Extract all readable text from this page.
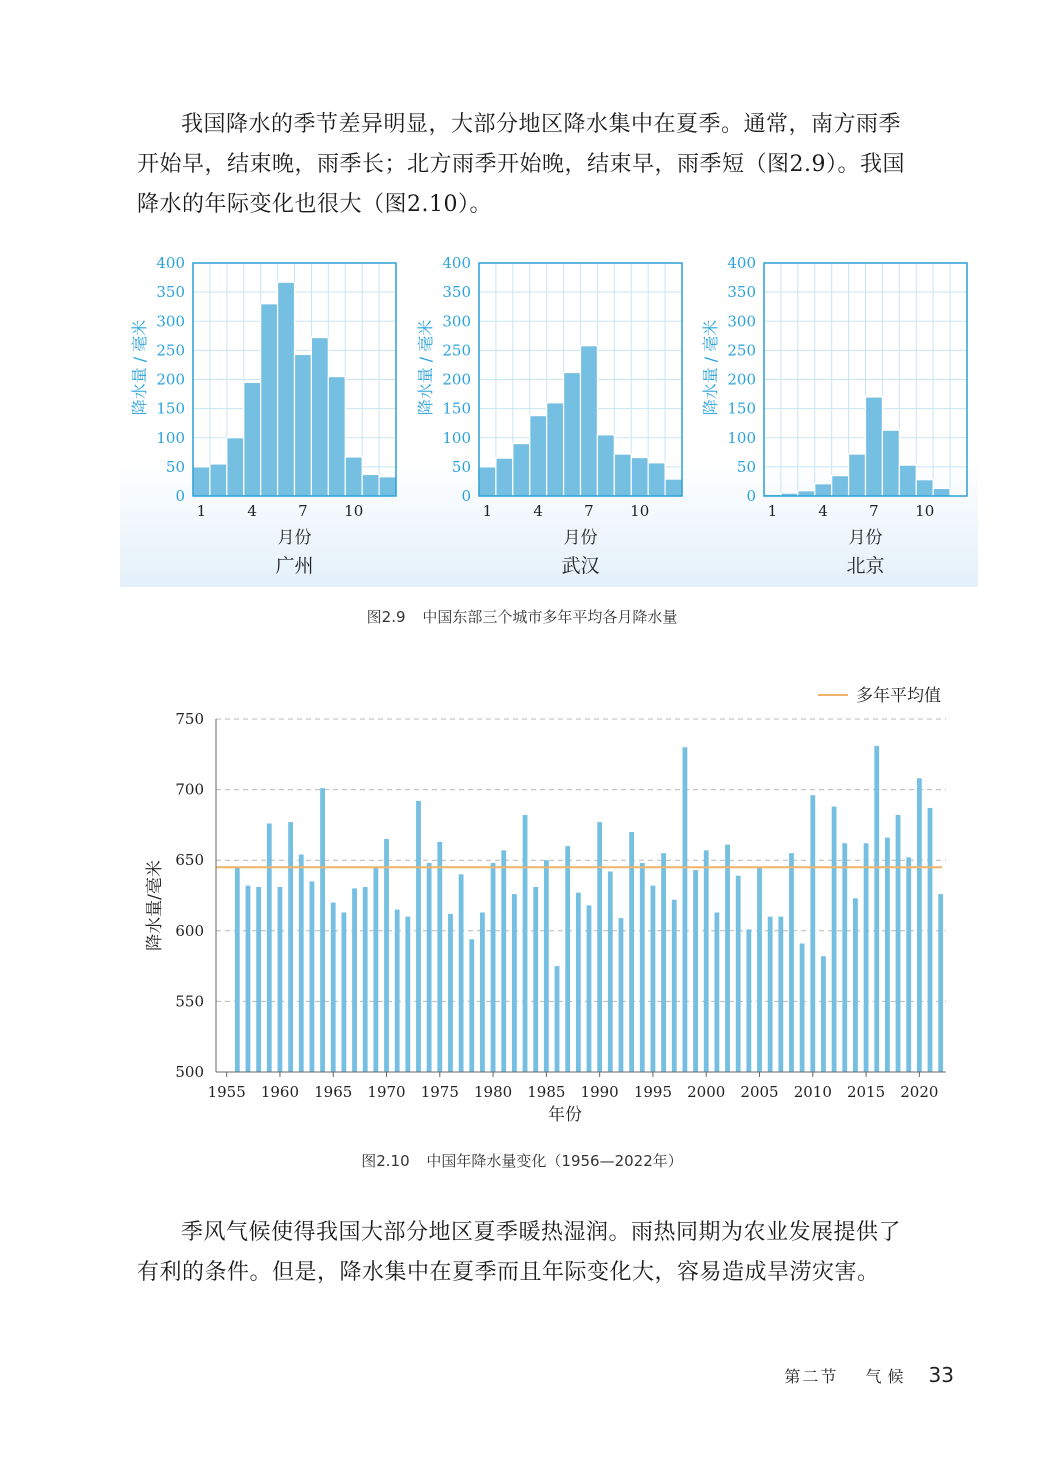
我国降水的季节差异明显，大部分地区降水集中在夏季。通常，南方雨季
开始早，结束晚，雨季长；北方雨季开始晚，结束早，雨季短（图2.9）。我国
降水的年际变化也很大（图2.10）。

0
50
100
150
200
250
300
350
400
1	4	7 10
降水量 / 毫米
月份
广州
0
50
100
150
200
250
300
350
400
1	4	7 10
降水量 / 毫米
月份
武汉
0
50
100
150
200
250
300
350
400
1	4	7 10
降水量 / 毫米
月份
北京
图2.9 中国东部三个城市多年平均各月降水量
500
550
600
650
700
750
1955 1960 1965 1970 1975 1980 1985 1990 1995 2000 2005 2010 2015 2020
降水量/毫米
年份
多年平均值
图2.10 中国年降水量变化（1956—2022年）

季风气候使得我国大部分地区夏季暖热湿润。雨热同期为农业发展提供了
有利的条件。但是，降水集中在夏季而且年际变化大，容易造成旱涝灾害。

第二节 气候 33
